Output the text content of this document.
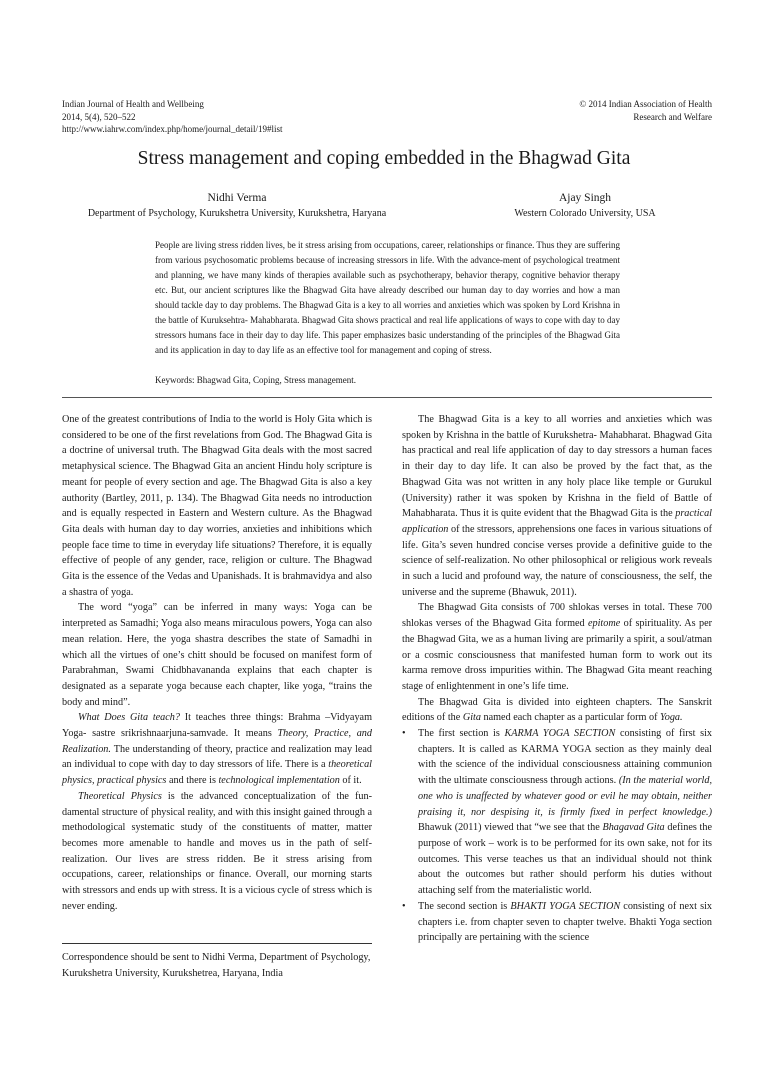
Indian Journal of Health and Wellbeing
2014, 5(4), 520–522
http://www.iahrw.com/index.php/home/journal_detail/19#list
© 2014 Indian Association of Health
Research and Welfare
Stress management and coping embedded in the Bhagwad Gita
Nidhi Verma
Department of Psychology, Kurukshetra University, Kurukshetra, Haryana
Ajay Singh
Western Colorado University, USA
People are living stress ridden lives, be it stress arising from occupations, career, relationships or finance. Thus they are suffering from various psychosomatic problems because of increasing stressors in life. With the advance-ment of psychological treatment and planning, we have many kinds of therapies available such as psychotherapy, behavior therapy, cognitive behavior therapy etc. But, our ancient scriptures like the Bhagwad Gita have already described our human day to day worries and how a man should tackle day to day problems. The Bhagwad Gita is a key to all worries and anxieties which was spoken by Lord Krishna in the battle of Kuruksehtra- Mahabharata. Bhagwad Gita shows practical and real life applications of ways to cope with day to day stressors humans face in their day to day life. This paper emphasizes basic understanding of the principles of the Bhagwad Gita and its application in day to day life as an effective tool for management and coping of stress.
Keywords: Bhagwad Gita, Coping, Stress management.

One of the greatest contributions of India to the world is Holy Gita which is considered to be one of the first revelations from God. The Bhagwad Gita is a doctrine of universal truth. The Bhagwad Gita deals with the most sacred metaphysical science. The Bhagwad Gita an ancient Hindu holy scripture is meant for people of every section and age. The Bhagwad Gita is also a key authority (Bartley, 2011, p. 134). The Bhagwad Gita needs no introduction and is equally respected in Eastern and Western culture. As the Bhagwad Gita deals with human day to day worries, anxieties and inhibitions which people face time to time in everyday life situations? Therefore, it is equally effective of people of any gender, race, religion or culture. The Bhagwad Gita is the essence of the Vedas and Upanishads. It is brahmavidya and also a shastra of yoga.

The word “yoga” can be inferred in many ways: Yoga can be interpreted as Samadhi; Yoga also means miraculous powers, Yoga can also mean relation. Here, the yoga shastra describes the state of Samadhi in which all the virtues of one’s chitt should be focused on manifest form of Parabrahman, Swami Chidbhavananda explains that each chapter is designated as a separate yoga because each chapter, like yoga, “trains the body and mind”.

What Does Gita teach? It teaches three things: Brahma –Vidyayam Yoga- sastre srikrishnaarjuna-samvade. It means Theory, Practice, and Realization. The understanding of theory, practice and realization may lead an individual to cope with day to day stressors of life. There is a theoretical physics, practical physics and there is technological implementation of it.

Theoretical Physics is the advanced conceptualization of the fun-damental structure of physical reality, and with this insight gained through a methodological systematic study of the constituents of matter, matter becomes more amenable to handle and moves us in the path of self-realization. Our lives are stress ridden. Be it stress arising from occupations, career, relationships or finance. Overall, our morning starts with stressors and ends up with stress. It is a vicious cycle of stress which is never ending.

Correspondence should be sent to Nidhi Verma, Department of Psychology, Kurukshetra University, Kurukshetrea, Haryana, India

The Bhagwad Gita is a key to all worries and anxieties which was spoken by Krishna in the battle of Kurukshetra- Mahabharat. Bhagwad Gita has practical and real life application of day to day stressors a human faces in their day to day life. It can also be proved by the fact that, as the Bhagwad Gita was not written in any holy place like temple or Gurukul (University) rather it was spoken by Krishna in the field of Battle of Mahabharata. Thus it is quite evident that the Bhagwad Gita is the practical application of the stressors, apprehensions one faces in various situations of life. Gita’s seven hundred concise verses provide a definitive guide to the science of self-realization. No other philosophical or religious work reveals in such a lucid and profound way, the nature of consciousness, the self, the universe and the supreme (Bhawuk, 2011).

The Bhagwad Gita consists of 700 shlokas verses in total. These 700 shlokas verses of the Bhagwad Gita formed epitome of spirituality. As per the Bhagwad Gita, we as a human living are primarily a spirit, a soul/atman or a cosmic consciousness that manifested human form to work out its karma remove dross impurities within. The Bhagwad Gita meant reaching stage of enlightenment in one’s life time.

The Bhagwad Gita is divided into eighteen chapters. The Sanskrit editions of the Gita named each chapter as a particular form of Yoga.

• The first section is KARMA YOGA SECTION consisting of first six chapters. It is called as KARMA YOGA section as they mainly deal with the science of the individual consciousness attaining communion with the ultimate consciousness through actions. (In the material world, one who is unaffected by whatever good or evil he may obtain, neither praising it, nor despising it, is firmly fixed in perfect knowledge.) Bhawuk (2011) viewed that “we see that the Bhagavad Gita defines the purpose of work – work is to be performed for its own sake, not for its outcomes. This verse teaches us that an individual should not think about the outcomes but rather should perform his duties without attaching self from the materialistic world.
• The second section is BHAKTI YOGA SECTION consisting of next six chapters i.e. from chapter seven to chapter twelve. Bhakti Yoga section principally are pertaining with the science
